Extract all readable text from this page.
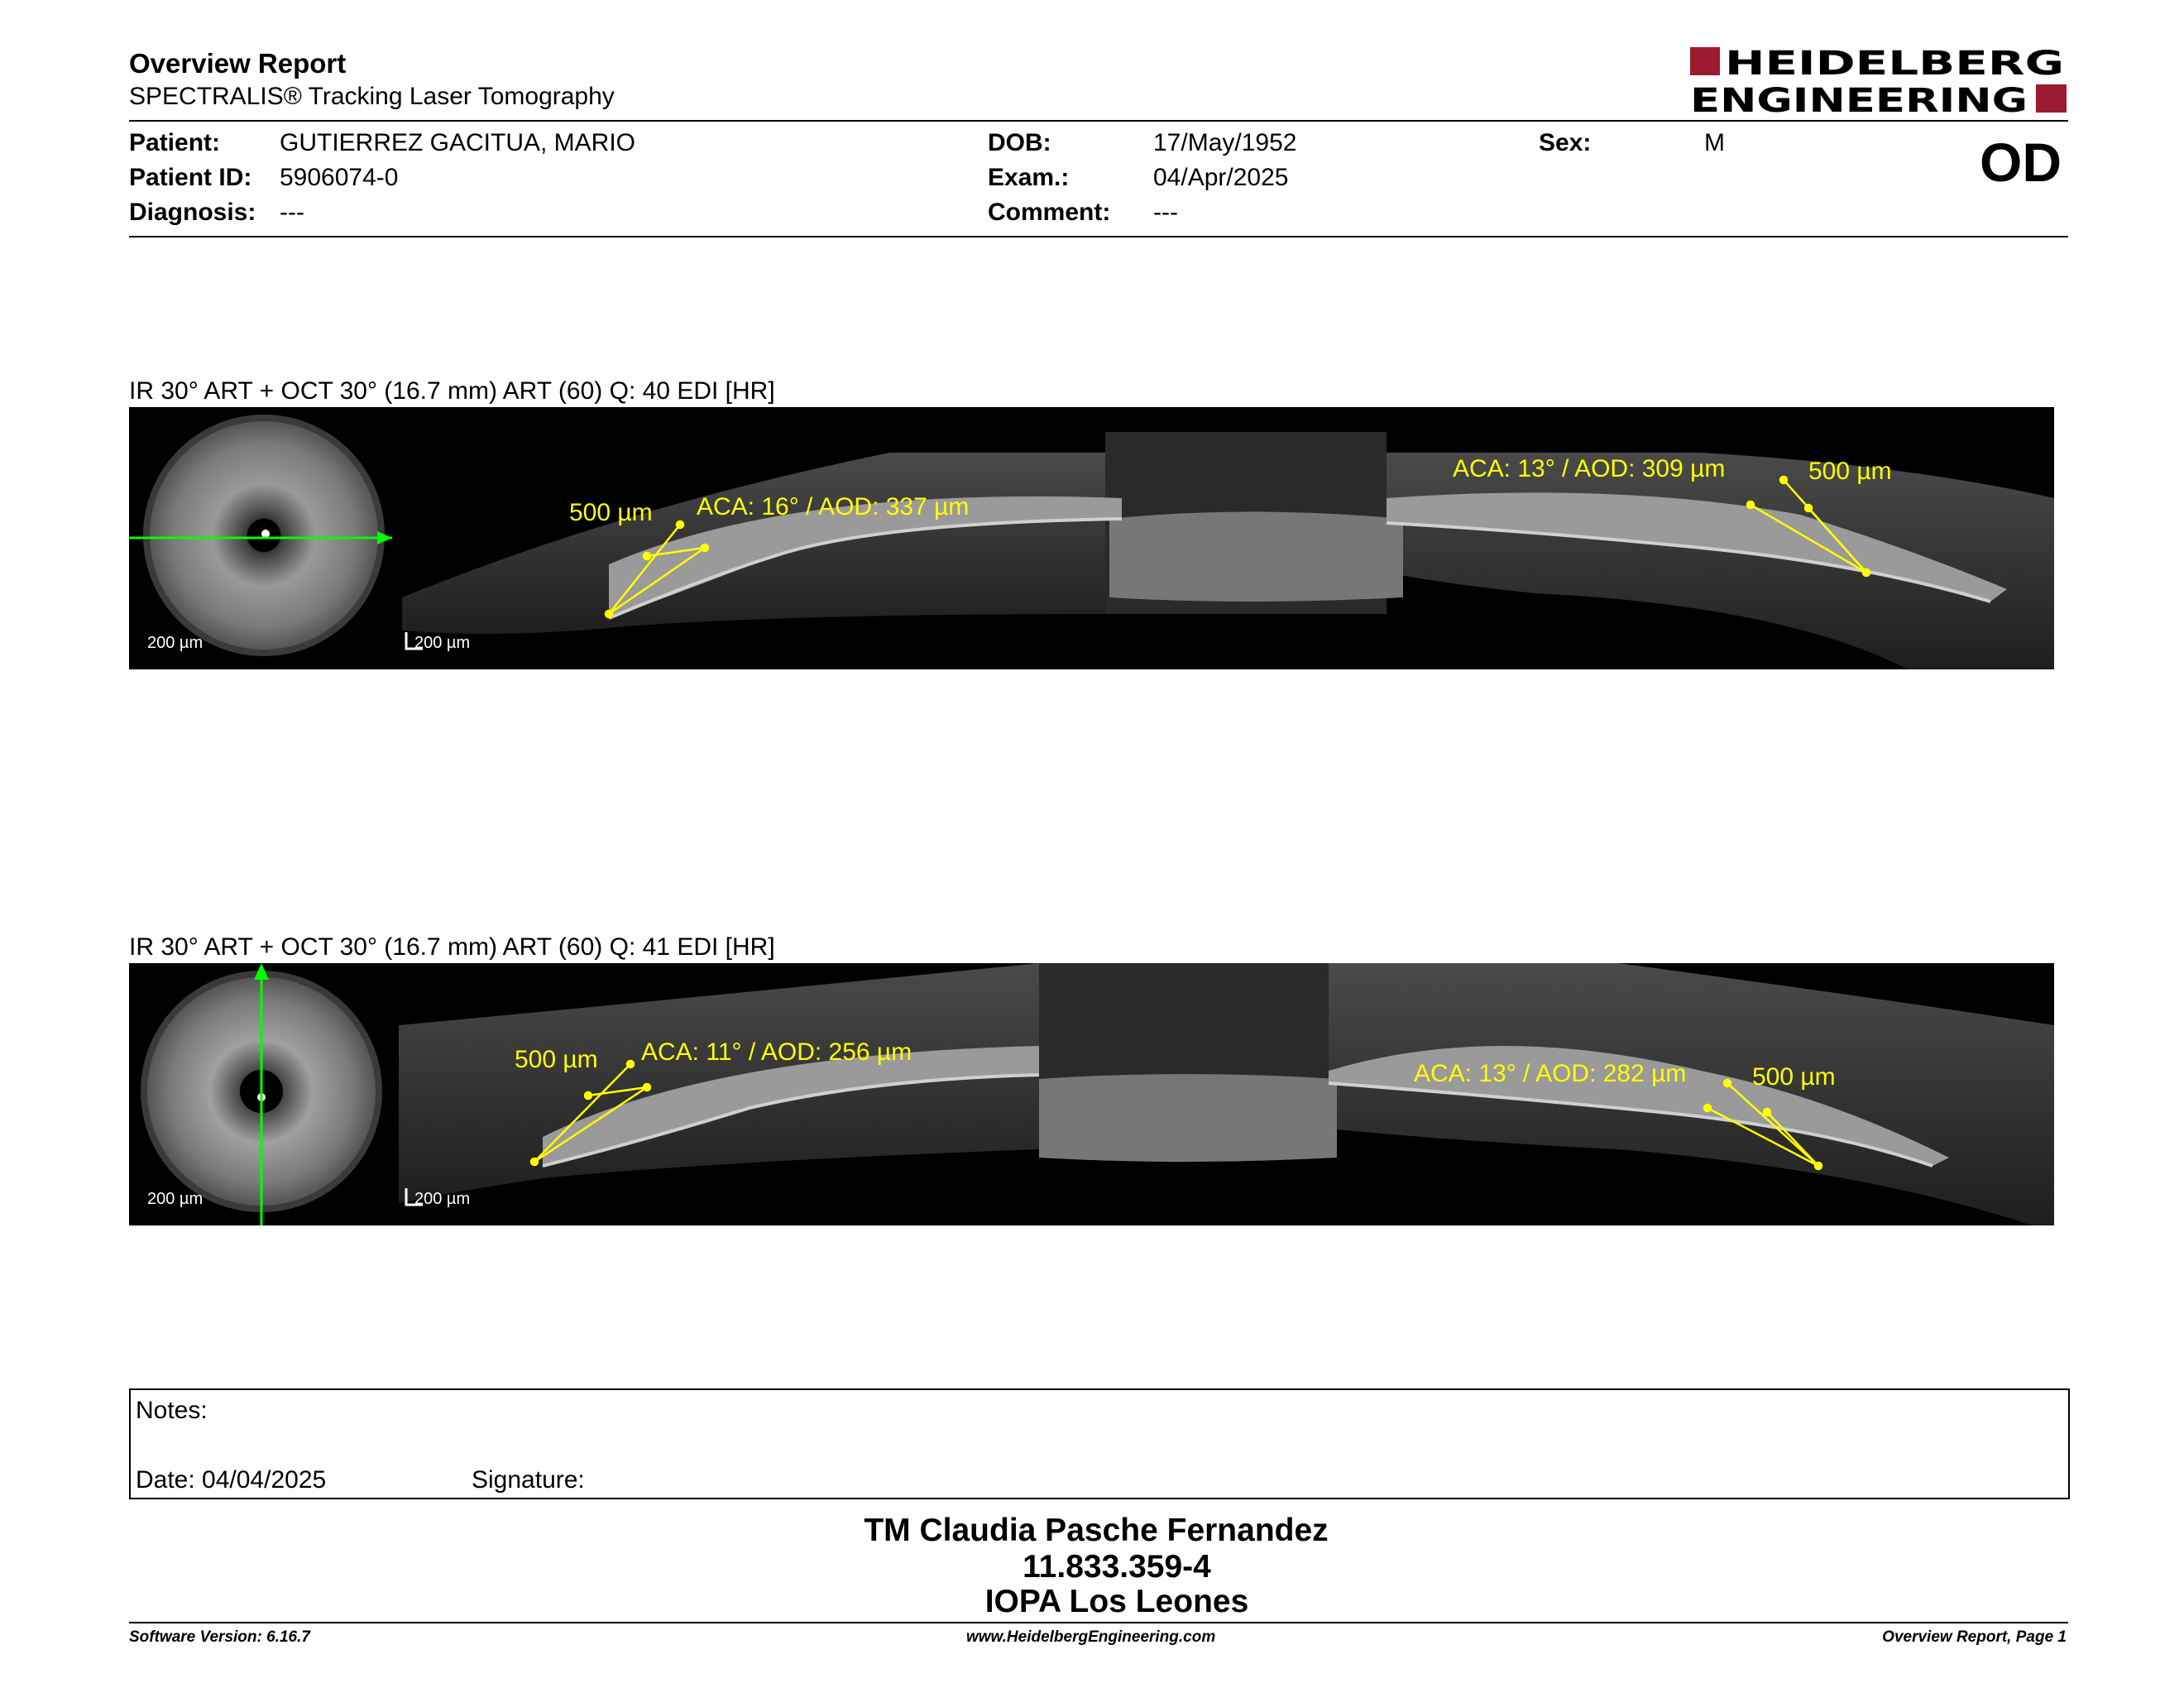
Overview Report
SPECTRALIS® Tracking Laser Tomography
HEIDELBERG
ENGINEERING
Patient: GUTIERREZ GACITUA, MARIO
Patient ID: 5906074-0
Diagnosis: ---
DOB:	17/May/1952
Exam.:	04/Apr/2025
Comment: ---
Sex:	M	OD
IR 30° ART + OCT 30° (16.7 mm) ART (60) Q: 40 EDI [HR]
200 µm	200 µm
500 µm ACA: 16° / AOD: 337 µm
ACA: 13° / AOD: 309 µm	500 µm
IR 30° ART + OCT 30° (16.7 mm) ART (60) Q: 41 EDI [HR]
200 µm	200 µm
500 µm ACA: 11° / AOD: 256 µm
ACA: 13° / AOD: 282 µm	500 µm
Notes:
Date: 04/04/2025	Signature:
TM Claudia Pasche Fernandez
11.833.359-4
IOPA Los Leones
Software Version: 6.16.7	www.HeidelbergEngineering.com	Overview Report, Page 1
